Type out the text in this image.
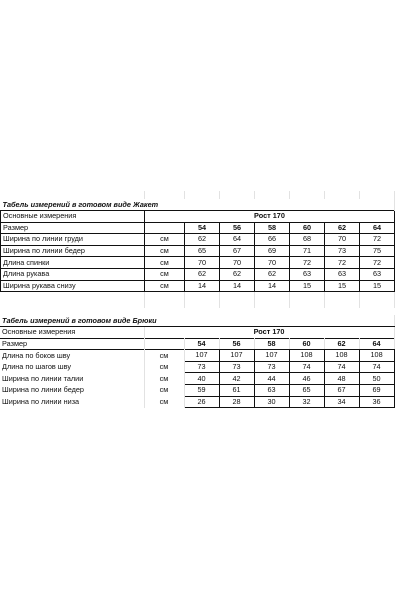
Табель измерений в готовом виде Жакет							
Основные измерения	Рост 170						
Размер		54	56	58	60	62	64
Ширина по линии груди	см	62	64	66	68	70	72
Ширина по линии бедер	см	65	67	69	71	73	75
Длина спинки	см	70	70	70	72	72	72
Длина рукава	см	62	62	62	63	63	63
Ширина рукава снизу	см	14	14	14	15	15	15

Табель измерений в готовом виде Брюки							
Основные измерения	Рост 170						
Размер		54	56	58	60	62	64
Длина по боков шву	см	107	107	107	108	108	108
Длина по шагов шву	см	73	73	73	74	74	74
Ширина по линии талии	см	40	42	44	46	48	50
Ширина по линии бедер	см	59	61	63	65	67	69
Ширина по линии низа	см	26	28	30	32	34	36
